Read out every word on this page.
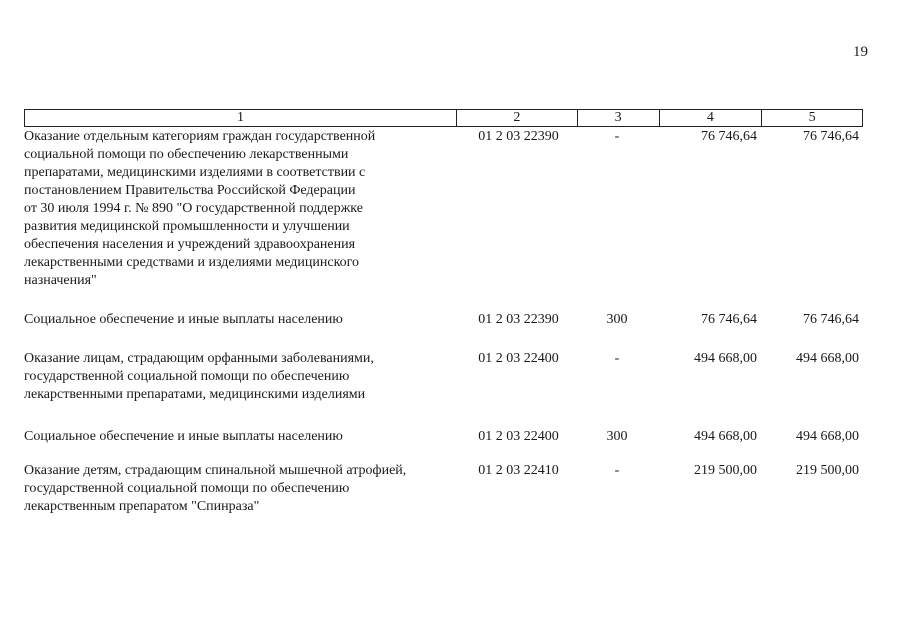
19
1	2	3	4	5
Оказание отдельным категориям граждан государственной
социальной помощи по обеспечению лекарственными
препаратами, медицинскими изделиями в соответствии с
постановлением Правительства Российской Федерации
от 30 июля 1994 г. № 890 "О государственной поддержке
развития медицинской промышленности и улучшении
обеспечения населения и учреждений здравоохранения
лекарственными средствами и изделиями медицинского
назначения"
01 2 03 22390	-	76 746,64	76 746,64
Социальное обеспечение и иные выплаты населению	01 2 03 22390	300	76 746,64	76 746,64
Оказание лицам, страдающим орфанными заболеваниями,
государственной социальной помощи по обеспечению
лекарственными препаратами, медицинскими изделиями
01 2 03 22400	-	494 668,00	494 668,00
Социальное обеспечение и иные выплаты населению	01 2 03 22400	300	494 668,00	494 668,00
Оказание детям, страдающим спинальной мышечной атрофией,
государственной социальной помощи по обеспечению
лекарственным препаратом "Спинраза"
01 2 03 22410	-	219 500,00	219 500,00
